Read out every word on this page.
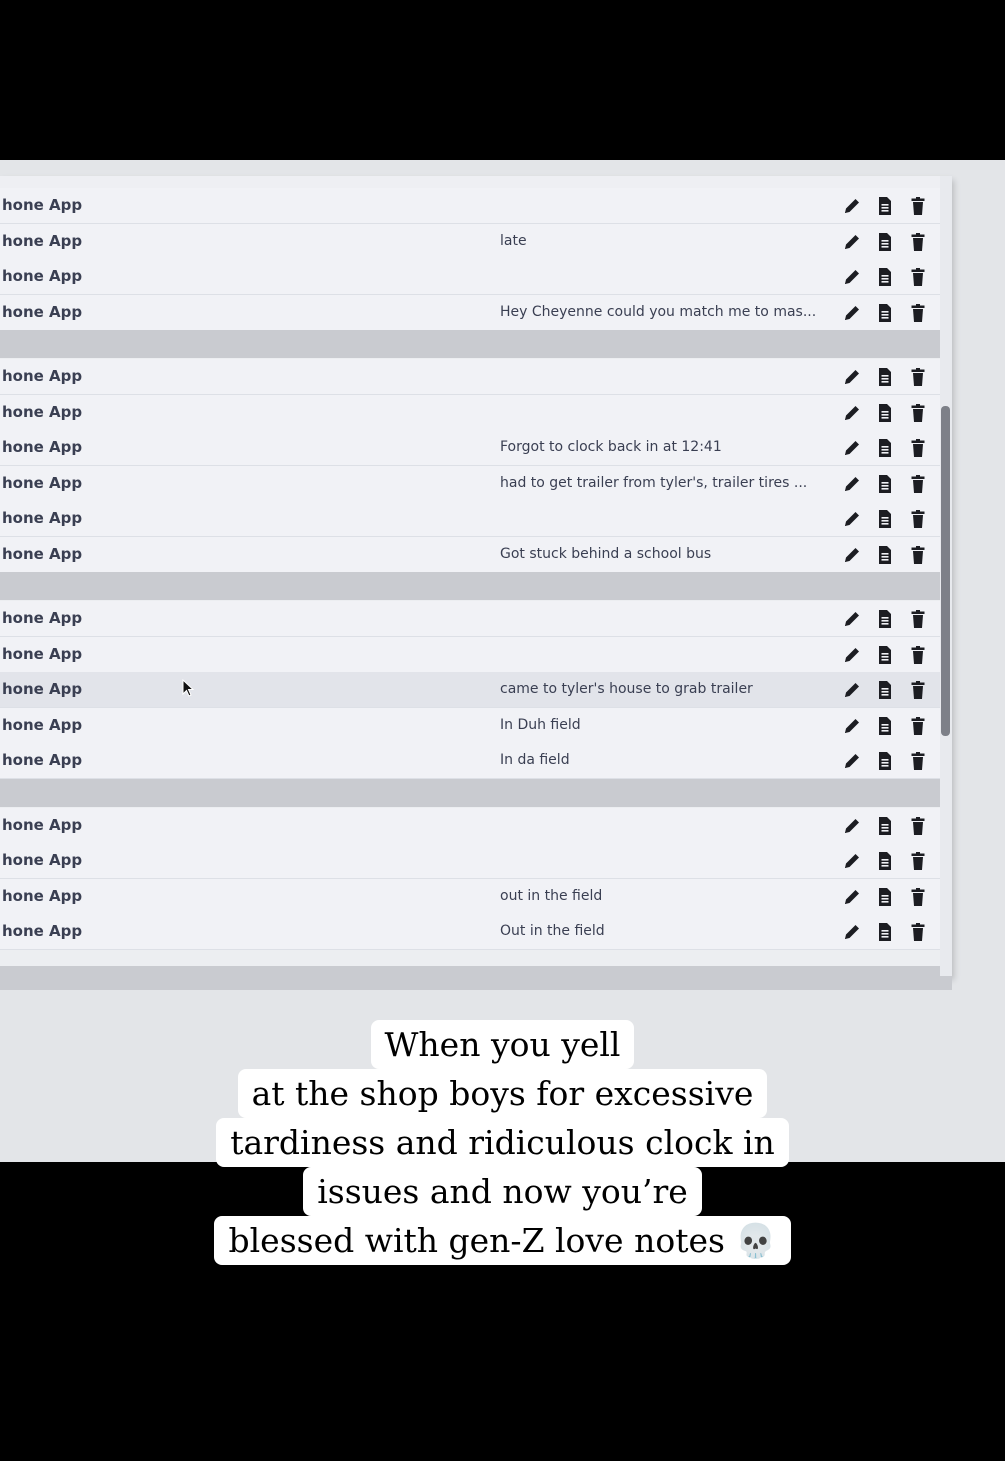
hone App
hone App	late
hone App
hone App	Hey Cheyenne could you match me to mas...
hone App
hone App
hone App	Forgot to clock back in at 12:41
hone App	had to get trailer from tyler's, trailer tires ...
hone App
hone App	Got stuck behind a school bus
hone App
hone App
hone App	came to tyler's house to grab trailer
hone App	In Duh field
hone App	In da field
hone App
hone App
hone App	out in the field
hone App	Out in the field
When you yell
at the shop boys for excessive
tardiness and ridiculous clock in
issues and now you’re
blessed with gen-Z love notes 💀
